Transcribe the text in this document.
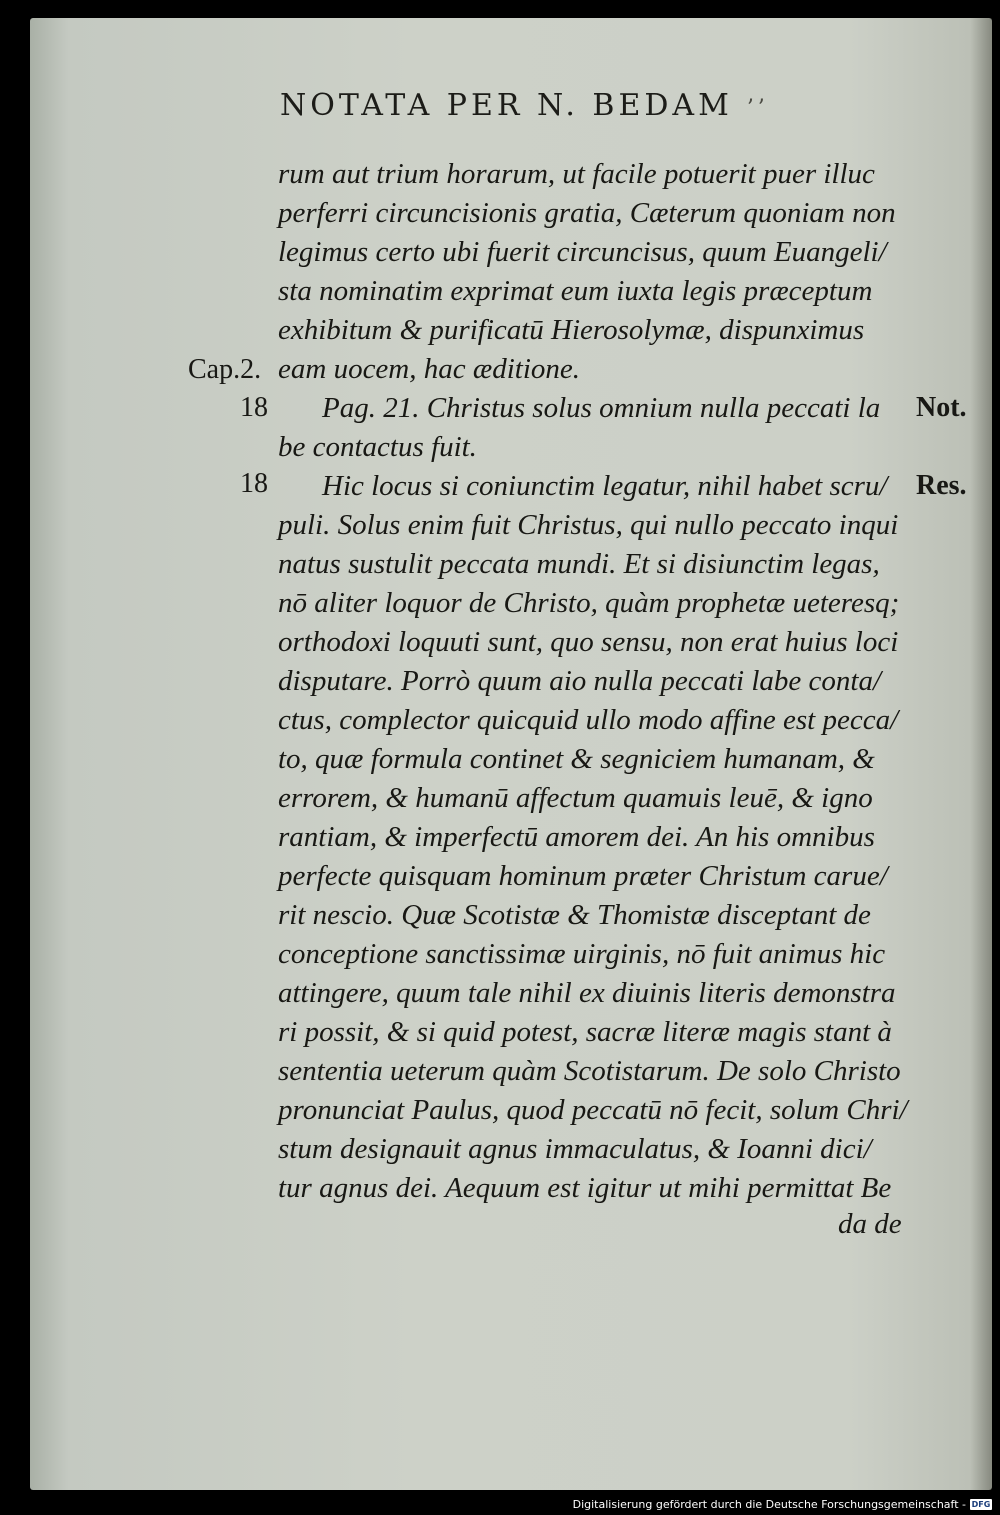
NOTATA PER N. BEDAM ’’
Cap.2.
18
18
Not.
Res.
rum aut trium horarum, ut facile potuerit puer illuc
perferri circuncisionis gratia, Cæterum quoniam non
legimus certo ubi fuerit circuncisus, quum Euangeli/
sta nominatim exprimat eum iuxta legis præceptum
exhibitum & purificatū Hierosolymæ, dispunximus
eam uocem, hac æditione.
Pag. 21. Christus solus omnium nulla peccati la
be contactus fuit.
Hic locus si coniunctim legatur, nihil habet scru/
puli. Solus enim fuit Christus, qui nullo peccato inqui
natus sustulit peccata mundi. Et si disiunctim legas,
nō aliter loquor de Christo, quàm prophetæ ueteresq;
orthodoxi loquuti sunt, quo sensu, non erat huius loci
disputare. Porrò quum aio nulla peccati labe conta/
ctus, complector quicquid ullo modo affine est pecca/
to, quæ formula continet & segniciem humanam, &
errorem, & humanū affectum quamuis leuē, & igno
rantiam, & imperfectū amorem dei. An his omnibus
perfecte quisquam hominum præter Christum carue/
rit nescio. Quæ Scotistæ & Thomistæ disceptant de
conceptione sanctissimæ uirginis, nō fuit animus hic
attingere, quum tale nihil ex diuinis literis demonstra
ri possit, & si quid potest, sacræ literæ magis stant à
sententia ueterum quàm Scotistarum. De solo Christo
pronunciat Paulus, quod peccatū nō fecit, solum Chri/
stum designauit agnus immaculatus, & Ioanni dici/
tur agnus dei. Aequum est igitur ut mihi permittat Be
da de
Digitalisierung gefördert durch die Deutsche Forschungsgemeinschaft - DFG
